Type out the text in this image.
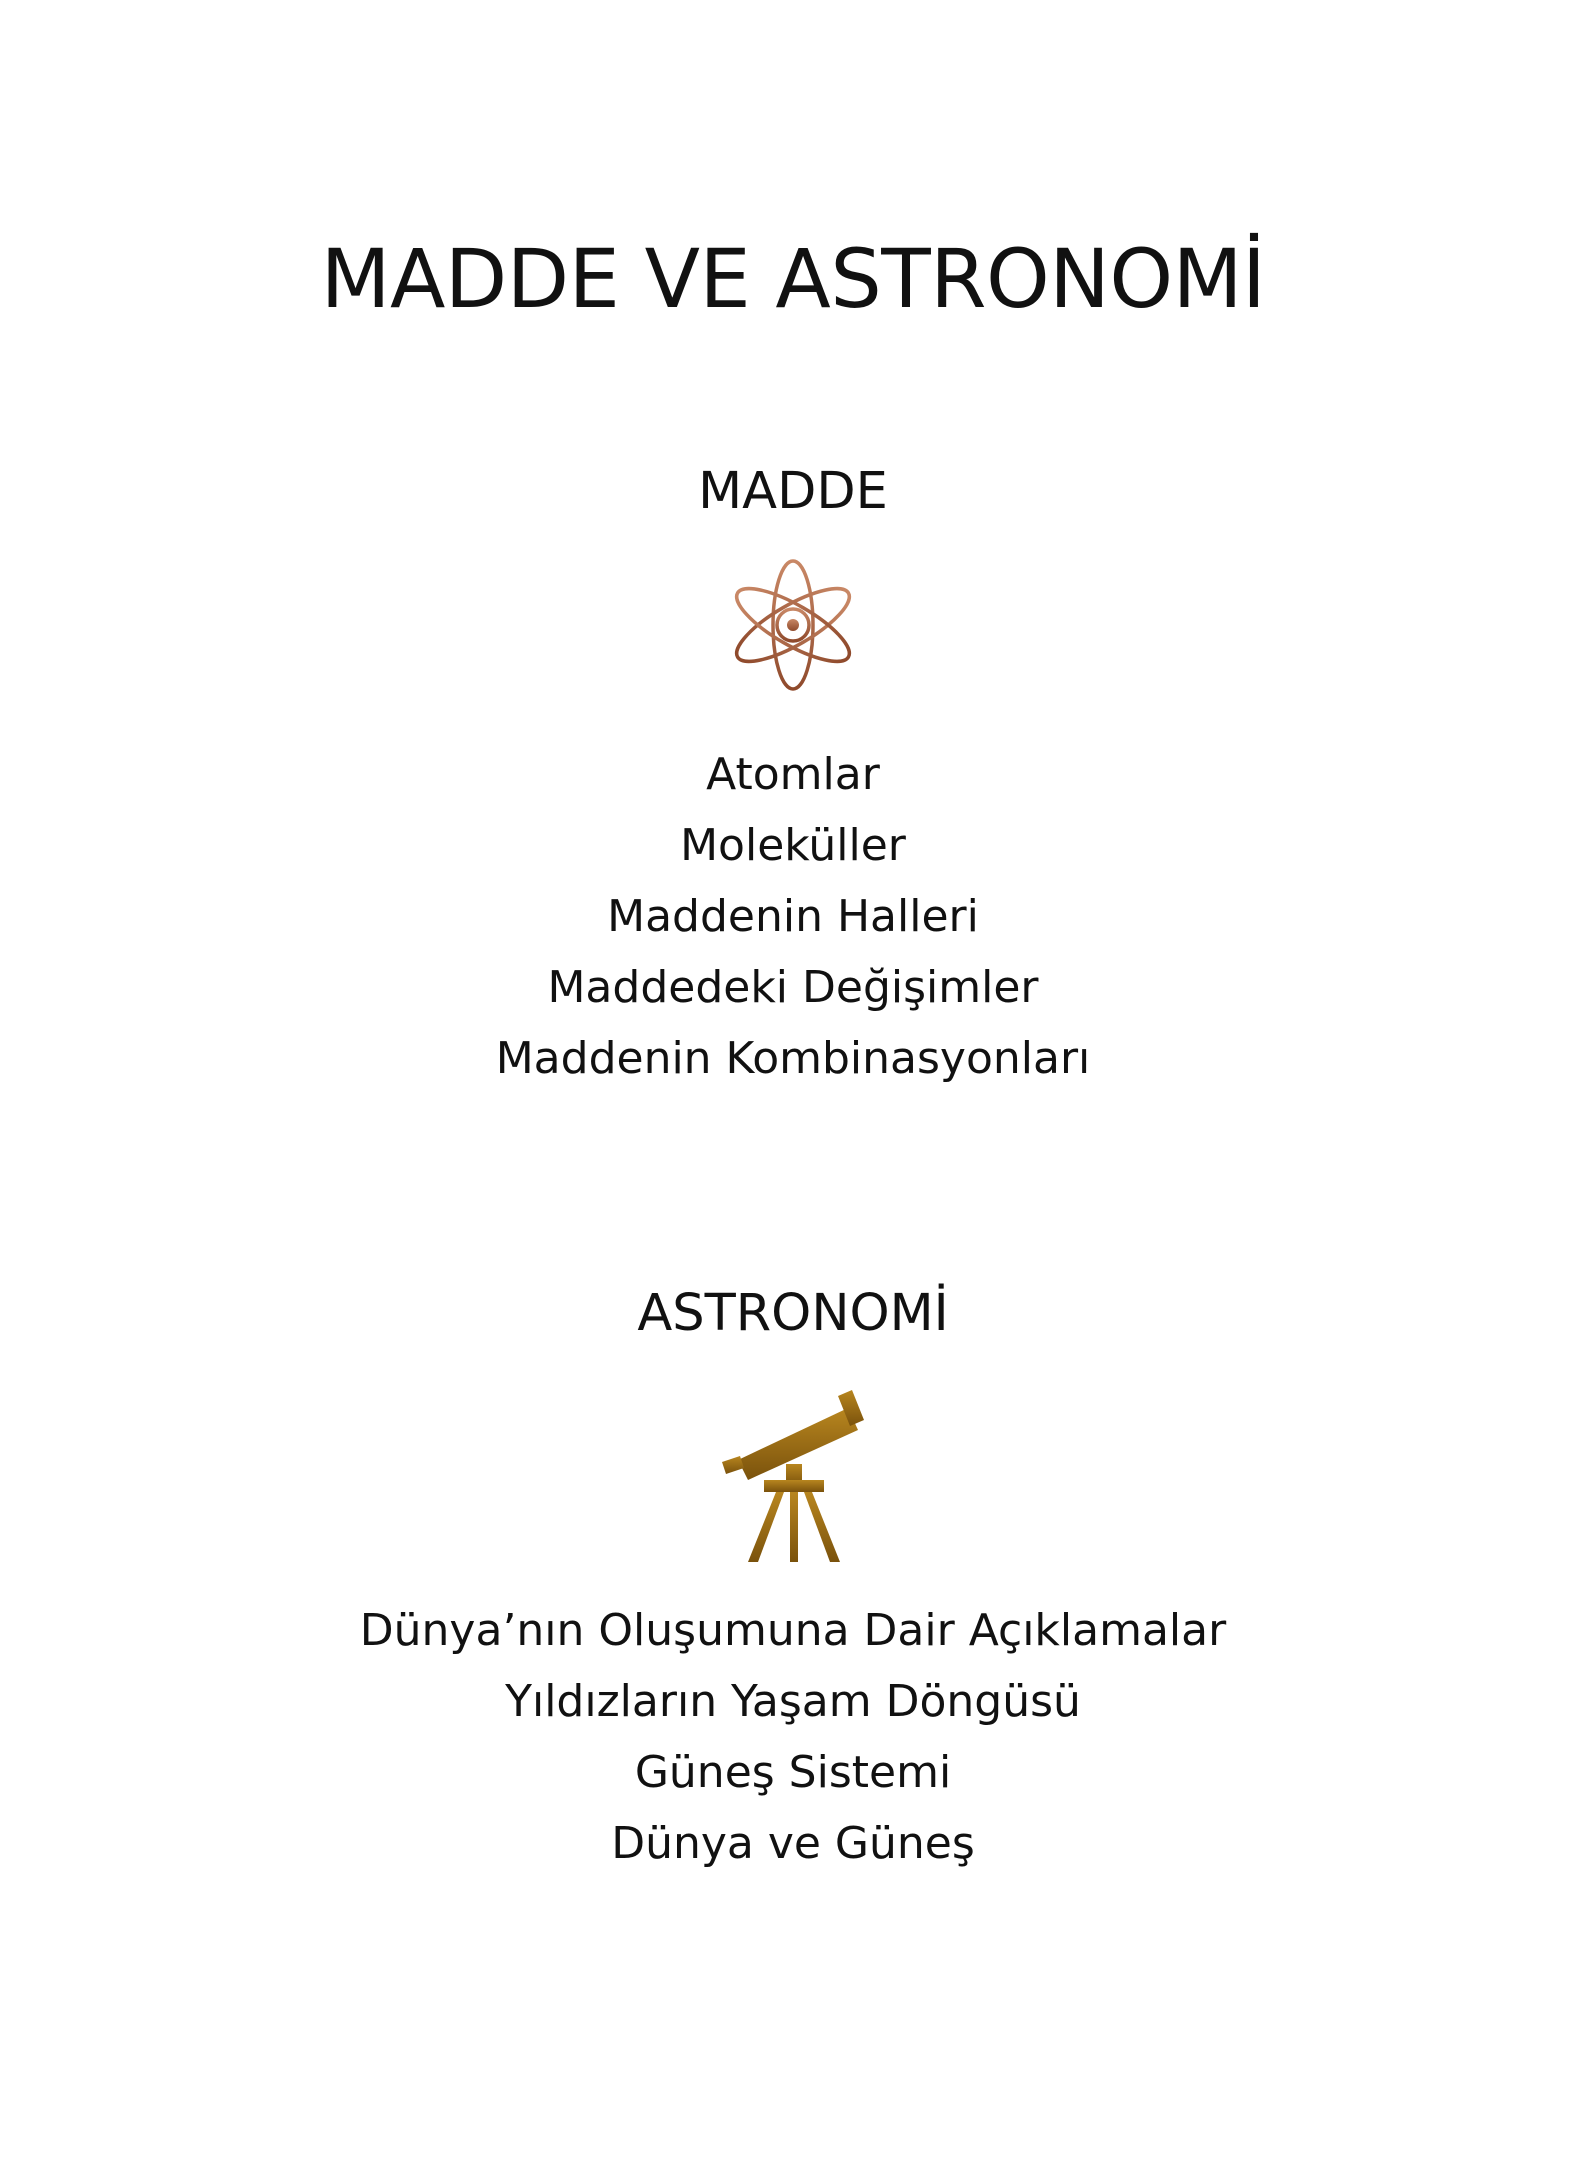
MADDE VE ASTRONOMİ
MADDE
Atomlar
Moleküller
Maddenin Halleri
Maddedeki Değişimler
Maddenin Kombinasyonları
ASTRONOMİ
Dünya’nın Oluşumuna Dair Açıklamalar
Yıldızların Yaşam Döngüsü
Güneş Sistemi
Dünya ve Güneş
